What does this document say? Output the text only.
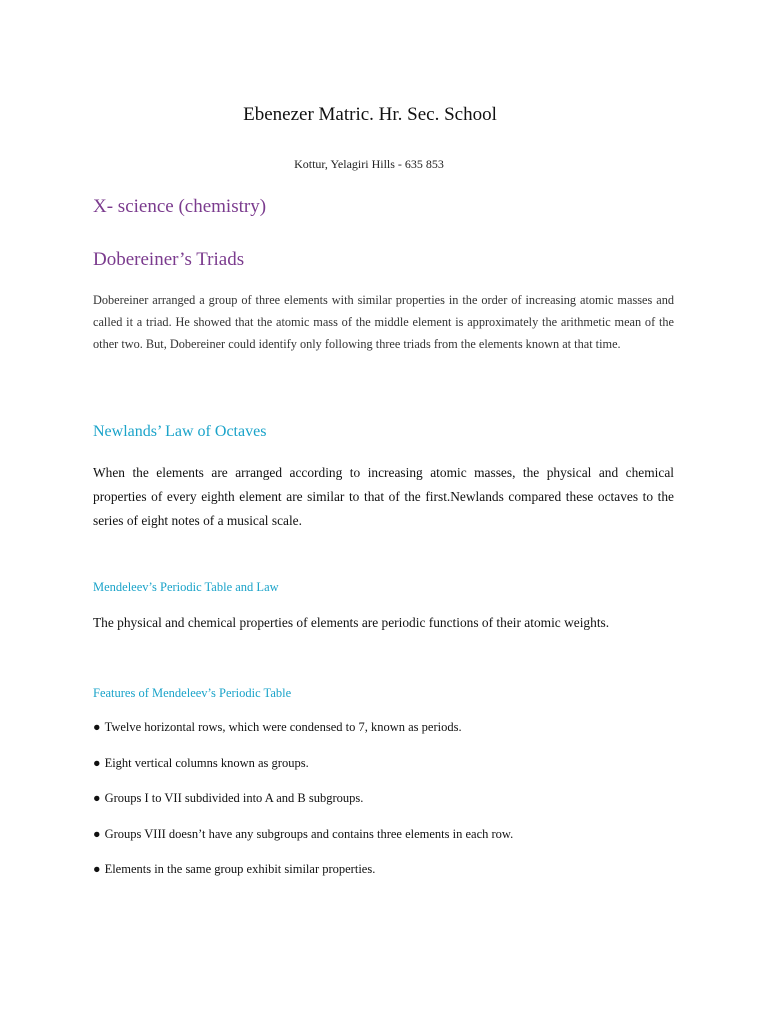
Ebenezer Matric. Hr. Sec. School
Kottur, Yelagiri Hills - 635 853
X- science (chemistry)
Dobereiner’s Triads

Dobereiner arranged a group of three elements with similar properties in the order of increasing atomic masses and called it a triad. He showed that the atomic mass of the middle element is approximately the arithmetic mean of the other two. But, Dobereiner could identify only following three triads from the elements known at that time.

Newlands’ Law of Octaves

When the elements are arranged according to increasing atomic masses, the physical and chemical properties of every eighth element are similar to that of the first.Newlands compared these octaves to the series of eight notes of a musical scale.

Mendeleev’s Periodic Table and Law

The physical and chemical properties of elements are periodic functions of their atomic weights.

Features of Mendeleev’s Periodic Table
● Twelve horizontal rows, which were condensed to 7, known as periods.
● Eight vertical columns known as groups.
● Groups I to VII subdivided into A and B subgroups.
● Groups VIII doesn’t have any subgroups and contains three elements in each row.
● Elements in the same group exhibit similar properties.
